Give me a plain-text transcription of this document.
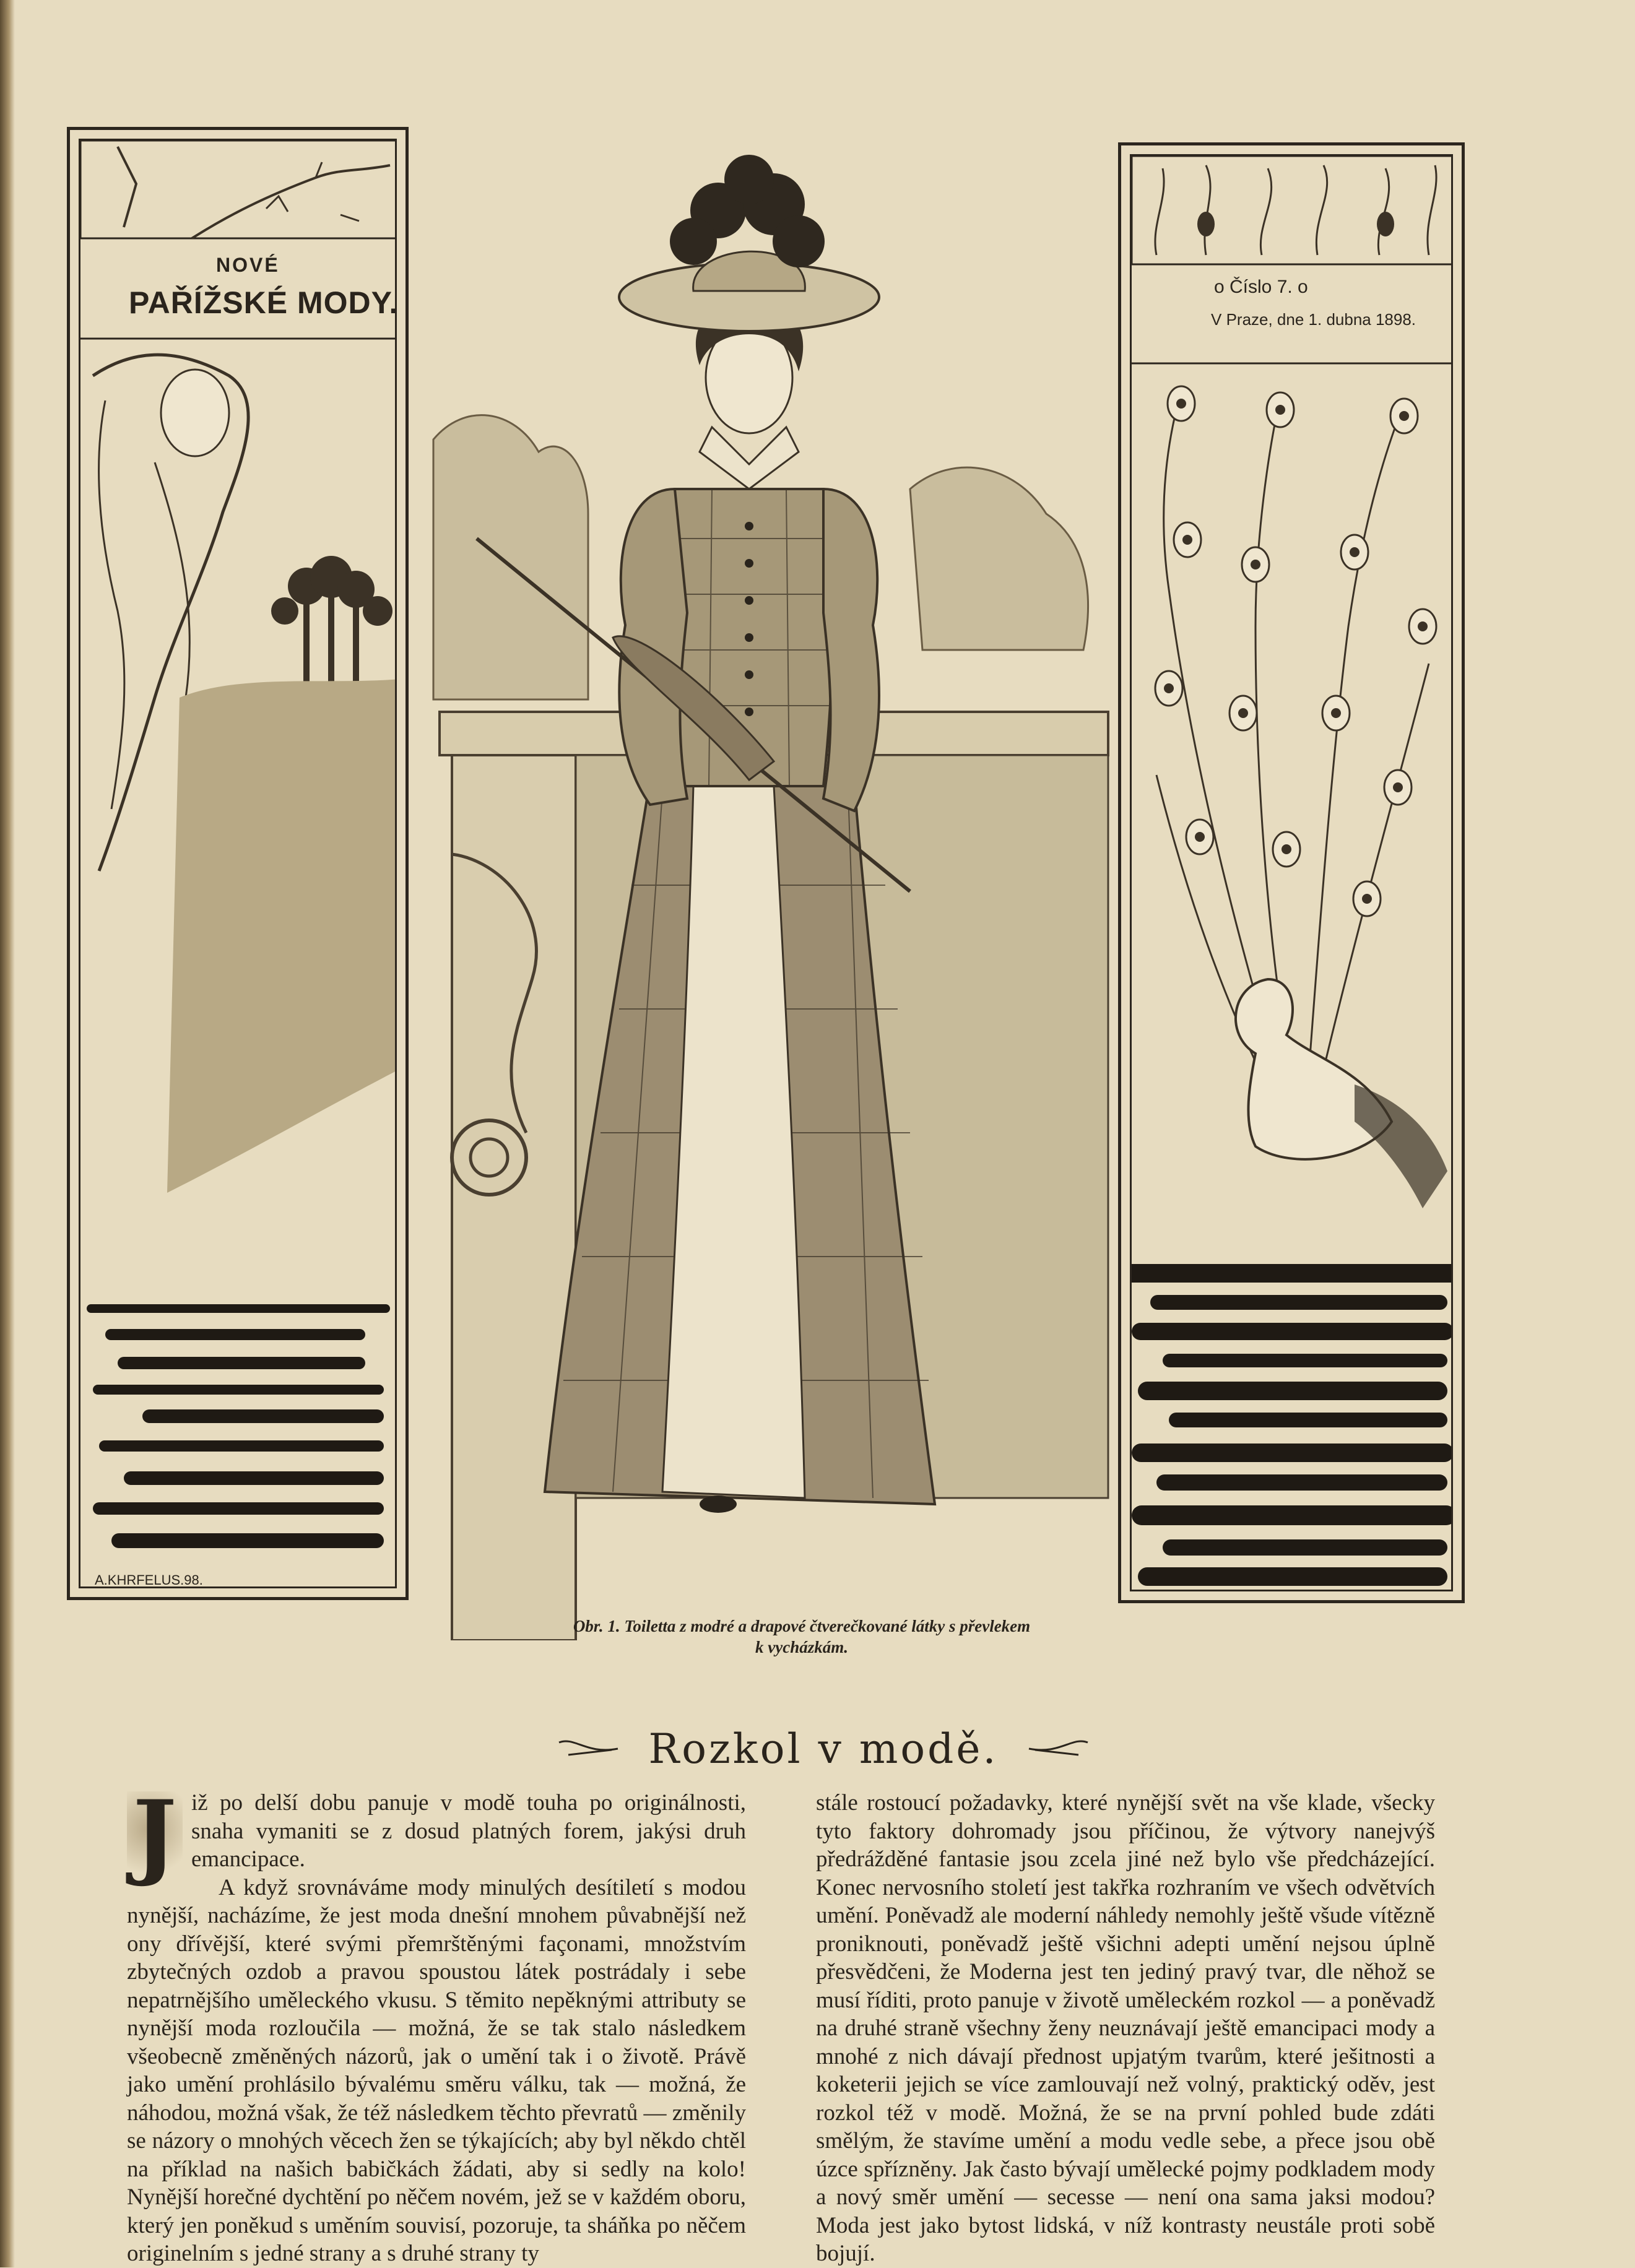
NOVÉ
PAŘÍŽSKÉ MODY.
A.KHRFELUS.98.
o Číslo 7. o
V Praze, dne 1. dubna 1898.
Obr. 1. Toiletta z modré a drapové čtverečkované látky s převlekem
k vycházkám.
Rozkol v modě.
J iž po delší dobu panuje v modě touha po originálnosti, snaha vymaniti se z dosud platných forem, jakýsi druh emancipace.

A když srovnáváme mody minulých desítiletí s modou nynější, nacházíme, že jest moda dnešní mnohem půvabnější než ony dřívější, které svými přemrštěnými façonami, množstvím zbytečných ozdob a pravou spoustou látek postrádaly i sebe nepatrnějšího uměleckého vkusu. S těmito nepěknými attributy se nynější moda rozloučila — možná, že se tak stalo následkem všeobecně změněných názorů, jak o umění tak i o životě. Právě jako umění prohlásilo bývalému směru válku, tak — možná, že náhodou, možná však, že též následkem těchto převratů — změnily se názory o mnohých věcech žen se týkajících; aby byl někdo chtěl na příklad na našich babičkách žádati, aby si sedly na kolo! Nynější horečné dychtění po něčem novém, jež se v každém oboru, který jen poněkud s uměním souvisí, pozoruje, ta sháňka po něčem originelním s jedné strany a s druhé strany ty

stále rostoucí požadavky, které nynější svět na vše klade, všecky tyto faktory dohromady jsou příčinou, že výtvory nanejvýš předrážděné fantasie jsou zcela jiné než bylo vše předcházející. Konec nervosního století jest takřka rozhraním ve všech odvětvích umění. Poněvadž ale moderní náhledy nemohly ještě všude vítězně proniknouti, poněvadž ještě všichni adepti umění nejsou úplně přesvědčeni, že Moderna jest ten jediný pravý tvar, dle něhož se musí říditi, proto panuje v životě uměleckém rozkol — a poněvadž na druhé straně všechny ženy neuznávají ještě emancipaci mody a mnohé z nich dávají přednost upjatým tvarům, které ješitnosti a koketerii jejich se více zamlouvají než volný, praktický oděv, jest rozkol též v modě. Možná, že se na první pohled bude zdáti smělým, že stavíme umění a modu vedle sebe, a přece jsou obě úzce spřízněny. Jak často bývají umělecké pojmy podkladem mody a nový směr umění — secesse — není ona sama jaksi modou? Moda jest jako bytost lidská, v níž kontrasty neustále proti sobě bojují.
